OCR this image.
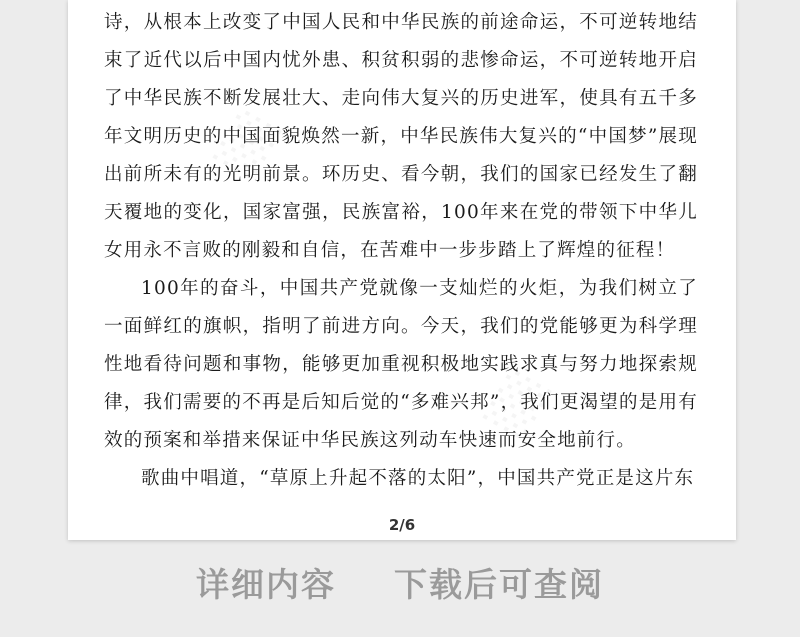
░░
░░

诗，从根本上改变了中国人民和中华民族的前途命运，不可逆转地结束了近代以后中国内忧外患、积贫积弱的悲惨命运，不可逆转地开启了中华民族不断发展壮大、走向伟大复兴的历史进军，使具有五千多年文明历史的中国面貌焕然一新，中华民族伟大复兴的“中国梦”展现出前所未有的光明前景。环历史、看今朝，我们的国家已经发生了翻天覆地的变化，国家富强，民族富裕，100年来在党的带领下中华儿女用永不言败的刚毅和自信，在苦难中一步步踏上了辉煌的征程！

100年的奋斗，中国共产党就像一支灿烂的火炬，为我们树立了一面鲜红的旗帜，指明了前进方向。今天，我们的党能够更为科学理性地看待问题和事物，能够更加重视积极地实践求真与努力地探索规律，我们需要的不再是后知后觉的“多难兴邦”，我们更渴望的是用有效的预案和举措来保证中华民族这列动车快速而安全地前行。

歌曲中唱道，“草原上升起不落的太阳”，中国共产党正是这片东

2/6
详细内容 下载后可查阅
